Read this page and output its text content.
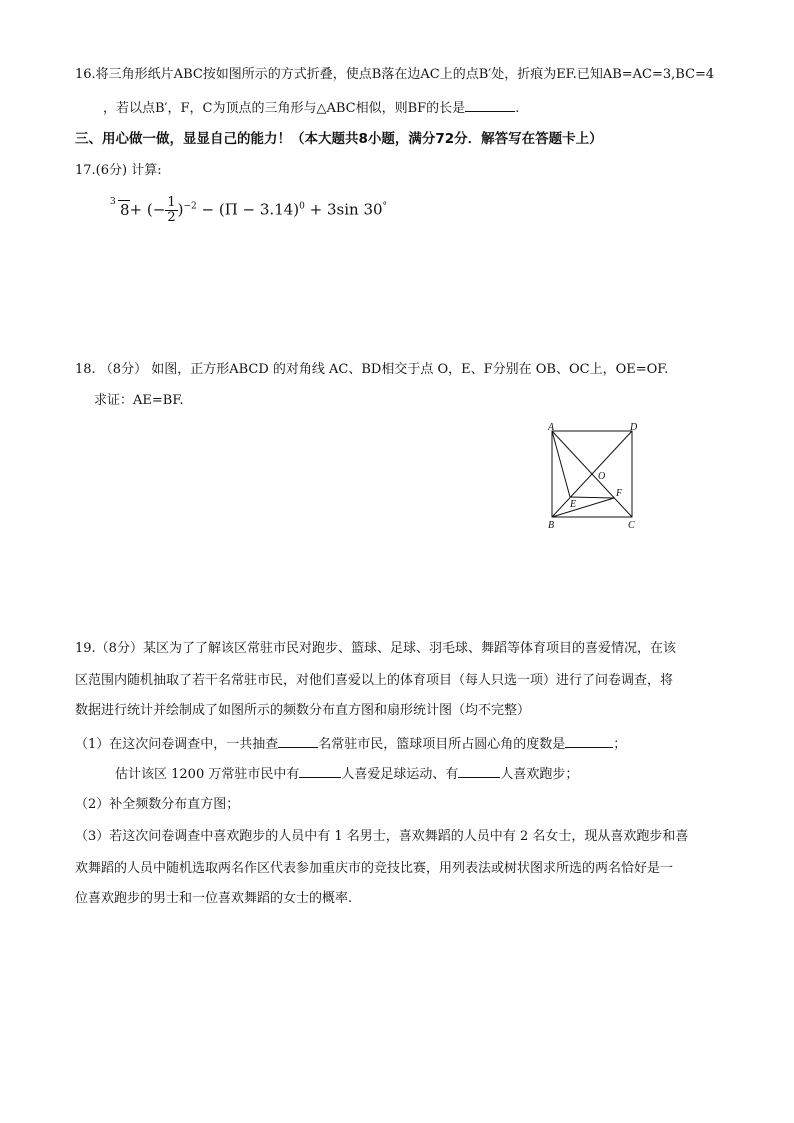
16.将三角形纸片ABC按如图所示的方式折叠，使点B落在边AC上的点B′处，折痕为EF.已知AB=AC=3,BC=4
，若以点B′，F，C为顶点的三角形与△ABC相似，则BF的长是	.
三、用心做一做，显显自己的能力！（本大题共8小题，满分72分．解答写在答题卡上）
17.(6分) 计算:
3 8+ (− $\frac{1}{2} )^{-2} - (\Pi - 3.14)^0 + 3\sin$ 30°
18. （8分） 如图，正方形ABCD 的对角线 AC、BD相交于点 O，E、F分别在 OB、OC上，OE=OF.
求证：AE=BF.
A	D
O
F
E
B	C
19.（8分）某区为了了解该区常驻市民对跑步、篮球、足球、羽毛球、舞蹈等体育项目的喜爱情况，在该
区范围内随机抽取了若干名常驻市民，对他们喜爱以上的体育项目（每人只选一项）进行了问卷调查，将
数据进行统计并绘制成了如图所示的频数分布直方图和扇形统计图（均不完整）
（1）在这次问卷调查中，一共抽查	名常驻市民，篮球项目所占圆心角的度数是	；
估计该区 1200 万常驻市民中有	人喜爱足球运动、有	人喜欢跑步；
（2）补全频数分布直方图；
（3）若这次问卷调查中喜欢跑步的人员中有 1 名男士，喜欢舞蹈的人员中有 2 名女士，现从喜欢跑步和喜
欢舞蹈的人员中随机选取两名作区代表参加重庆市的竞技比赛，用列表法或树状图求所选的两名恰好是一
位喜欢跑步的男士和一位喜欢舞蹈的女士的概率.
